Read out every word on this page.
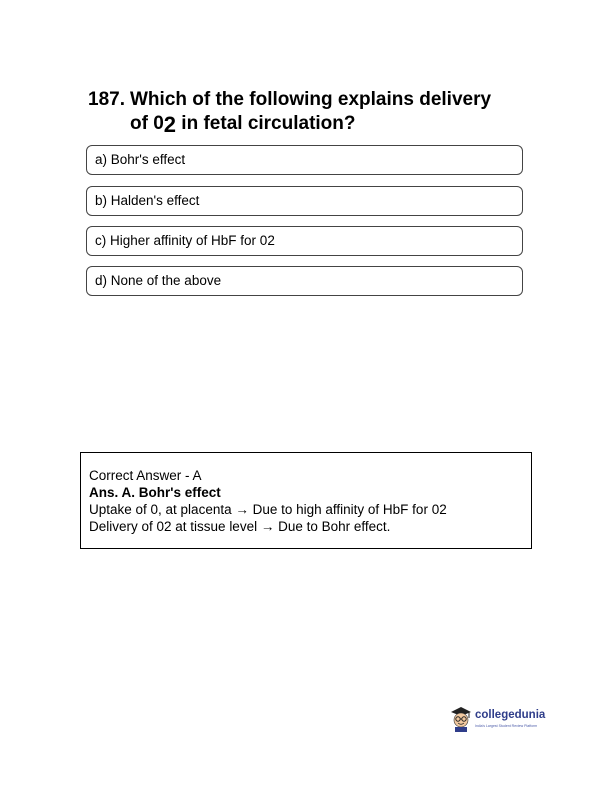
187. Which of the following explains delivery
of 02 in fetal circulation?
a) Bohr's effect
b) Halden's effect
c) Higher affinity of HbF for 02
d) None of the above
Correct Answer - A
Ans. A. Bohr's effect
Uptake of 0, at placenta → Due to high affinity of HbF for 02
Delivery of 02 at tissue level → Due to Bohr effect.
collegedunia
India's Largest Student Review Platform
